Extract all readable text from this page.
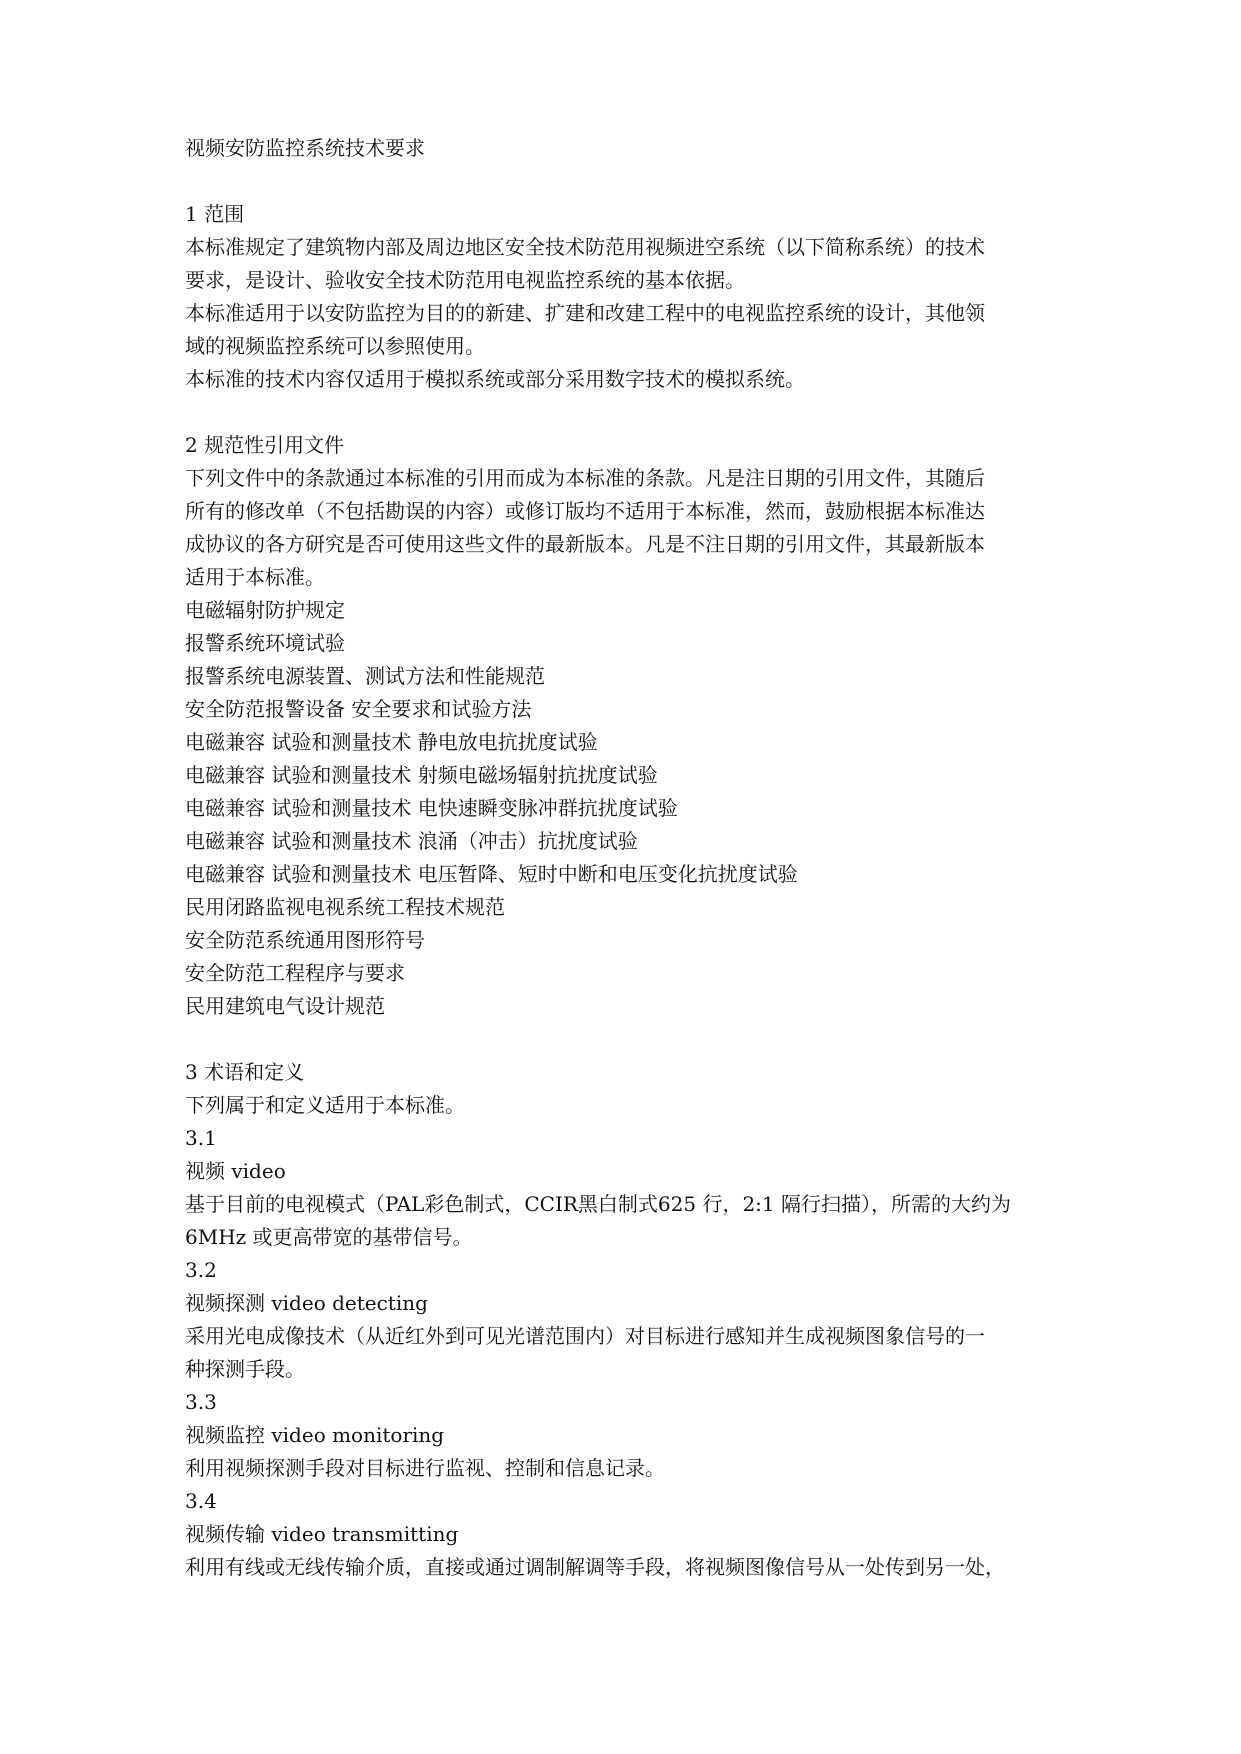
视频安防监控系统技术要求
1 范围
本标准规定了建筑物内部及周边地区安全技术防范用视频进空系统（以下简称系统）的技术
要求，是设计、验收安全技术防范用电视监控系统的基本依据。
本标准适用于以安防监控为目的的新建、扩建和改建工程中的电视监控系统的设计，其他领
域的视频监控系统可以参照使用。
本标准的技术内容仅适用于模拟系统或部分采用数字技术的模拟系统。
2 规范性引用文件
下列文件中的条款通过本标准的引用而成为本标准的条款。凡是注日期的引用文件，其随后
所有的修改单（不包括勘误的内容）或修订版均不适用于本标准，然而，鼓励根据本标准达
成协议的各方研究是否可使用这些文件的最新版本。凡是不注日期的引用文件，其最新版本
适用于本标准。
电磁辐射防护规定
报警系统环境试验
报警系统电源装置、测试方法和性能规范
安全防范报警设备 安全要求和试验方法
电磁兼容 试验和测量技术 静电放电抗扰度试验
电磁兼容 试验和测量技术 射频电磁场辐射抗扰度试验
电磁兼容 试验和测量技术 电快速瞬变脉冲群抗扰度试验
电磁兼容 试验和测量技术 浪涌（冲击）抗扰度试验
电磁兼容 试验和测量技术 电压暂降、短时中断和电压变化抗扰度试验
民用闭路监视电视系统工程技术规范
安全防范系统通用图形符号
安全防范工程程序与要求
民用建筑电气设计规范
3 术语和定义
下列属于和定义适用于本标准。
3.1
视频 video
基于目前的电视模式（PAL彩色制式，CCIR黑白制式625 行，2:1 隔行扫描），所需的大约为
6MHz 或更高带宽的基带信号。
3.2
视频探测 video detecting
采用光电成像技术（从近红外到可见光谱范围内）对目标进行感知并生成视频图象信号的一
种探测手段。
3.3
视频监控 video monitoring
利用视频探测手段对目标进行监视、控制和信息记录。
3.4
视频传输 video transmitting
利用有线或无线传输介质，直接或通过调制解调等手段，将视频图像信号从一处传到另一处，
